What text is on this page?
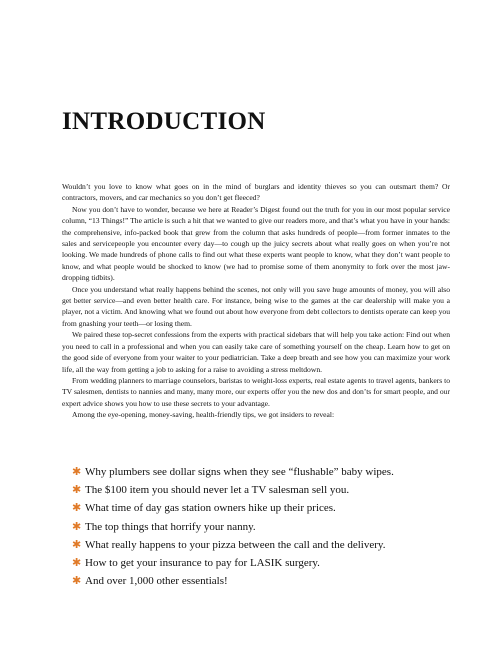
INTRODUCTION

Wouldn’t you love to know what goes on in the mind of burglars and identity thieves so you can outsmart them? Or contractors, movers, and car mechanics so you don’t get fleeced?

Now you don’t have to wonder, because we here at Reader’s Digest found out the truth for you in our most popular service column, “13 Things!” The article is such a hit that we wanted to give our readers more, and that’s what you have in your hands: the comprehensive, info-packed book that grew from the column that asks hundreds of people—from former inmates to the sales and servicepeople you encounter every day—to cough up the juicy secrets about what really goes on when you’re not looking. We made hundreds of phone calls to find out what these experts want people to know, what they don’t want people to know, and what people would be shocked to know (we had to promise some of them anonymity to fork over the most jaw-dropping tidbits).

Once you understand what really happens behind the scenes, not only will you save huge amounts of money, you will also get better service—and even better health care. For instance, being wise to the games at the car dealership will make you a player, not a victim. And knowing what we found out about how everyone from debt collectors to dentists operate can keep you from gnashing your teeth—or losing them.

We paired these top-secret confessions from the experts with practical sidebars that will help you take action: Find out when you need to call in a professional and when you can easily take care of something yourself on the cheap. Learn how to get on the good side of everyone from your waiter to your pediatrician. Take a deep breath and see how you can maximize your work life, all the way from getting a job to asking for a raise to avoiding a stress meltdown.

From wedding planners to marriage counselors, baristas to weight-loss experts, real estate agents to travel agents, bankers to TV salesmen, dentists to nannies and many, many more, our experts offer you the new dos and don’ts for smart people, and our expert advice shows you how to use these secrets to your advantage.

Among the eye-opening, money-saving, health-friendly tips, we got insiders to reveal:

✱ Why plumbers see dollar signs when they see “flushable” baby wipes.
✱ The $100 item you should never let a TV salesman sell you.
✱ What time of day gas station owners hike up their prices.
✱ The top things that horrify your nanny.
✱ What really happens to your pizza between the call and the delivery.
✱ How to get your insurance to pay for LASIK surgery.
✱ And over 1,000 other essentials!
